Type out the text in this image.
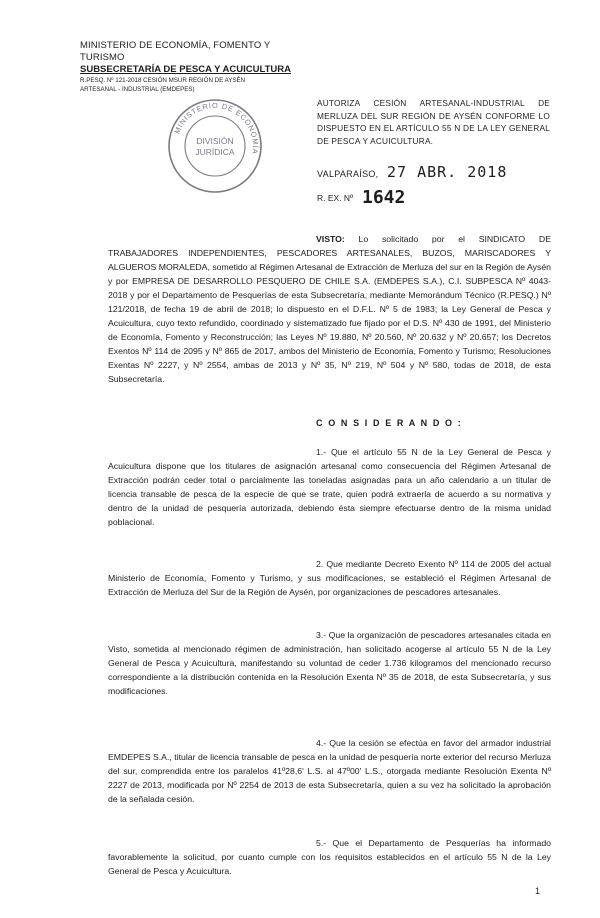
MINISTERIO DE ECONOMÍA, FOMENTO Y TURISMO
SUBSECRETARÍA DE PESCA Y ACUICULTURA
R.PESQ. Nº 121-2018 CESIÓN MSUR REGIÓN DE AYSÉN
ARTESANAL - INDUSTRIAL (EMDEPES)
MINISTERIO DE ECONOMÍA
DIVISIÓN
JURÍDICA
AUTORIZA CESIÓN ARTESANAL-INDUSTRIAL DE MERLUZA DEL SUR REGIÓN DE AYSÉN CONFORME LO DISPUESTO EN EL ARTÍCULO 55 N DE LA LEY GENERAL DE PESCA Y ACUICULTURA.
VALPARAÍSO, 27 ABR. 2018
R. EX. Nº 1642

VISTO: Lo solicitado por el SINDICATO DE TRABAJADORES INDEPENDIENTES, PESCADORES ARTESANALES, BUZOS, MARISCADORES Y ALGUEROS MORALEDA, sometido al Régimen Artesanal de Extracción de Merluza del sur en la Región de Aysén y por EMPRESA DE DESARROLLO PESQUERO DE CHILE S.A. (EMDEPES S.A.), C.I. SUBPESCA Nº 4043-2018 y por el Departamento de Pesquerías de esta Subsecretaría, mediante Memorándum Técnico (R.PESQ.) Nº 121/2018, de fecha 19 de abril de 2018; lo dispuesto en el D.F.L. Nº 5 de 1983; la Ley General de Pesca y Acuicultura, cuyo texto refundido, coordinado y sistematizado fue fijado por el D.S. Nº 430 de 1991, del Ministerio de Economía, Fomento y Reconstrucción; las Leyes Nº 19.880, Nº 20.560, Nº 20.632 y Nº 20.657; los Decretos Exentos Nº 114 de 2095 y Nº 865 de 2017, ambos del Ministerio de Economía, Fomento y Turismo; Resoluciones Exentas Nº 2227, y Nº 2554, ambas de 2013 y Nº 35, Nº 219, Nº 504 y Nº 580, todas de 2018, de esta Subsecretaría.

C O N S I D E R A N D O :

1.- Que el artículo 55 N de la Ley General de Pesca y Acuicultura dispone que los titulares de asignación artesanal como consecuencia del Régimen Artesanal de Extracción podrán ceder total o parcialmente las toneladas asignadas para un año calendario a un titular de licencia transable de pesca de la especie de que se trate, quien podrá extraerla de acuerdo a su normativa y dentro de la unidad de pesquería autorizada, debiendo ésta siempre efectuarse dentro de la misma unidad poblacional.

2. Que mediante Decreto Exento Nº 114 de 2005 del actual Ministerio de Economía, Fomento y Turismo, y sus modificaciones, se estableció el Régimen Artesanal de Extracción de Merluza del Sur de la Región de Aysén, por organizaciones de pescadores artesanales.

3.- Que la organización de pescadores artesanales citada en Visto, sometida al mencionado régimen de administración, han solicitado acogerse al artículo 55 N de la Ley General de Pesca y Acuicultura, manifestando su voluntad de ceder 1.736 kilogramos del mencionado recurso correspondiente a la distribución contenida en la Resolución Exenta Nº 35 de 2018, de esta Subsecretaría, y sus modificaciones.

4.- Que la cesión se efectúa en favor del armador industrial EMDEPES S.A., titular de licencia transable de pesca en la unidad de pesquería norte exterior del recurso Merluza del sur, comprendida entre los paralelos 41º28,6' L.S. al 47º00' L.S., otorgada mediante Resolución Exenta Nº 2227 de 2013, modificada por Nº 2254 de 2013 de esta Subsecretaría, quien a su vez ha solicitado la aprobación de la señalada cesión.

5.- Que el Departamento de Pesquerías ha informado favorablemente la solicitud, por cuanto cumple con los requisitos establecidos en el artículo 55 N de la Ley General de Pesca y Acuicultura.

1
